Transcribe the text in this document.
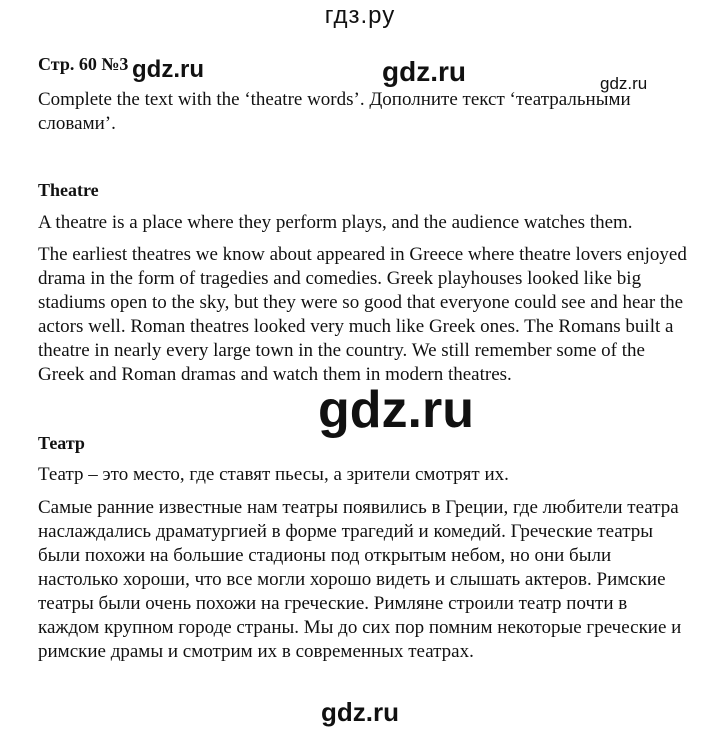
гдз.ру

Стр. 60 №3 gdz.ru	gdz.ru	gdz.ru

Complete the text with the ‘theatre words’. Дополните текст ‘театральными словами’.

Theatre

A theatre is a place where they perform plays, and the audience watches them.

The earliest theatres we know about appeared in Greece where theatre lovers enjoyed drama in the form of tragedies and comedies. Greek playhouses looked like big stadiums open to the sky, but they were so good that everyone could see and hear the actors well. Roman theatres looked very much like Greek ones. The Romans built a theatre in nearly every large town in the country. We still remember some of the Greek and Roman dramas and watch them in modern theatres.

gdz.ru

Театр

Театр – это место, где ставят пьесы, а зрители смотрят их.

Самые ранние известные нам театры появились в Греции, где любители театра наслаждались драматургией в форме трагедий и комедий. Греческие театры были похожи на большие стадионы под открытым небом, но они были настолько хороши, что все могли хорошо видеть и слышать актеров. Римские театры были очень похожи на греческие. Римляне строили театр почти в каждом крупном городе страны. Мы до сих пор помним некоторые греческие и римские драмы и смотрим их в современных театрах.

gdz.ru
